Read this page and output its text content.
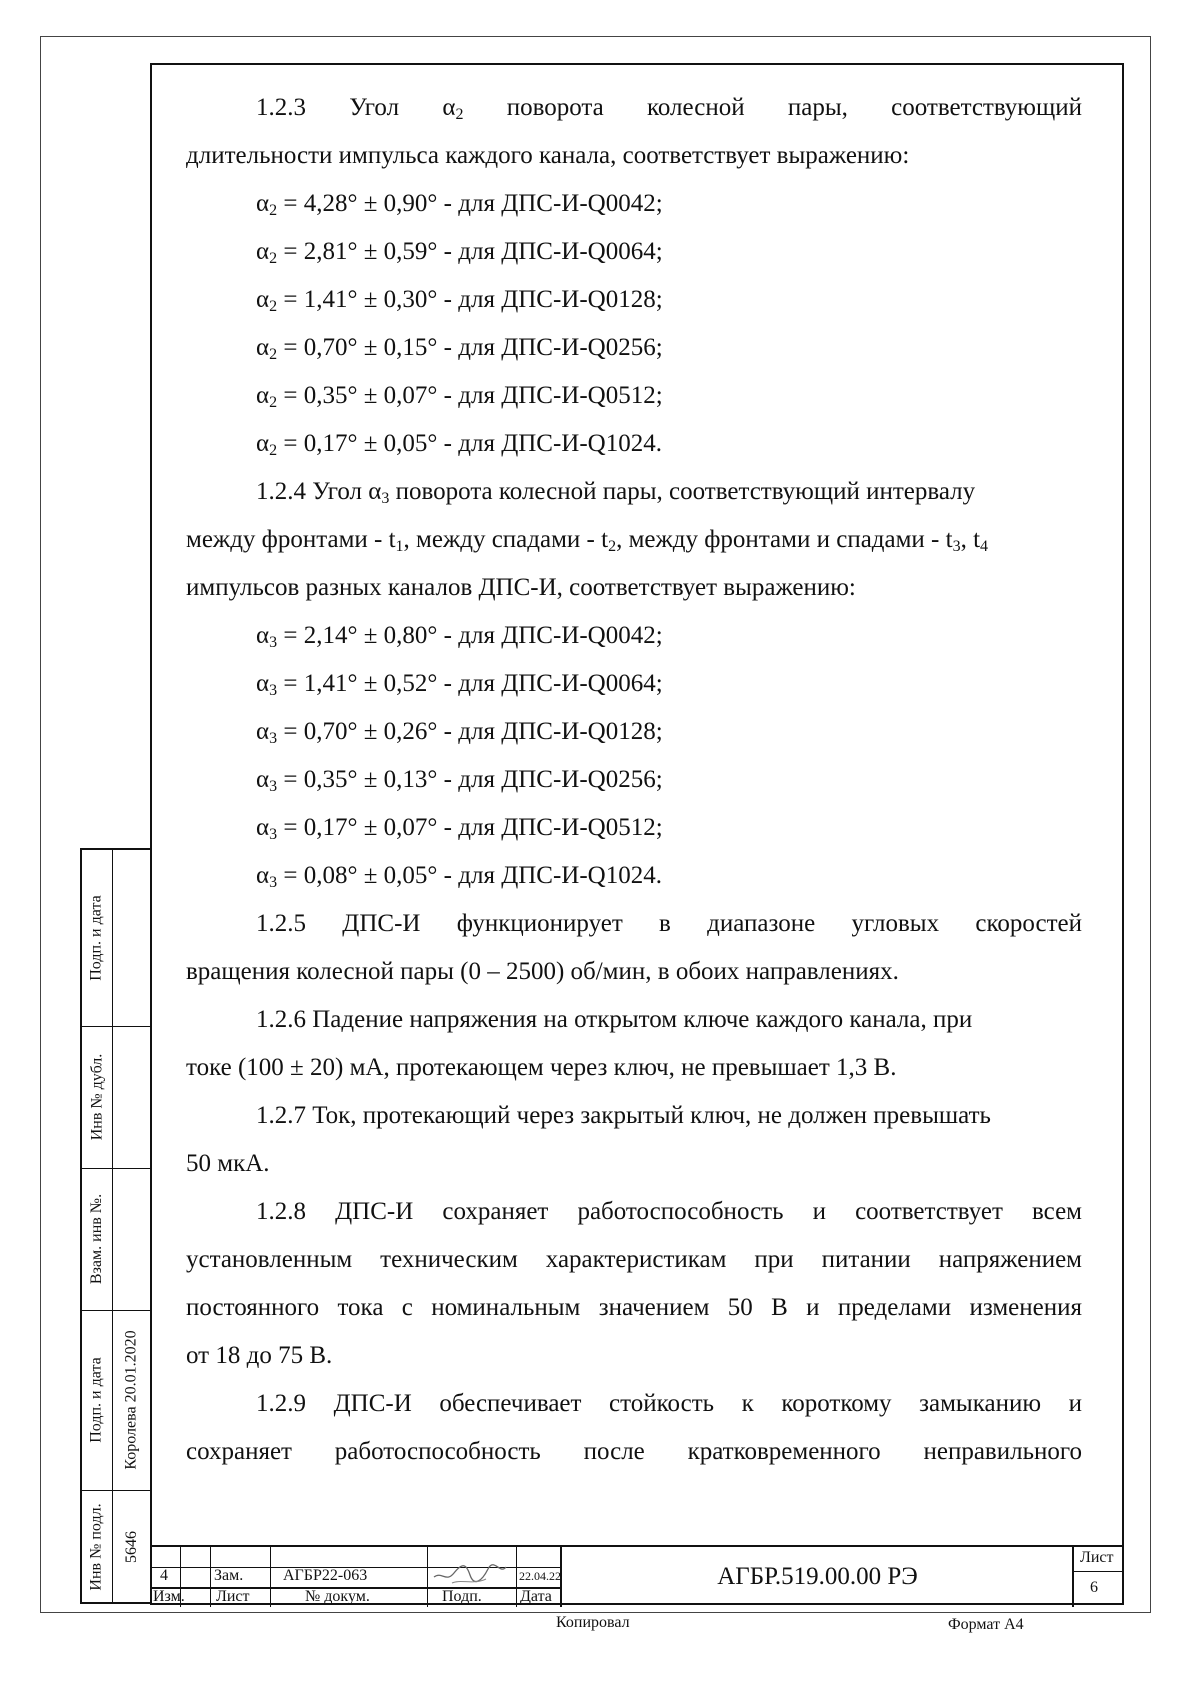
1.2.3 Угол $\alpha_2$ поворота колесной пары, соответствующий
длительности импульса каждого канала, соответствует выражению:
$\alpha_2 = 4,28^\circ \pm 0,90^\circ$ - для ДПС-И-Q0042;
$\alpha_2 = 2,81^\circ \pm 0,59^\circ$ - для ДПС-И-Q0064;
$\alpha_2 = 1,41^\circ \pm 0,30^\circ$ - для ДПС-И-Q0128;
$\alpha_2 = 0,70^\circ \pm 0,15^\circ$ - для ДПС-И-Q0256;
$\alpha_2 = 0,35^\circ \pm 0,07^\circ$ - для ДПС-И-Q0512;
$\alpha_2 = 0,17^\circ \pm 0,05^\circ$ - для ДПС-И-Q1024.
1.2.4 Угол $\alpha_3$ поворота колесной пары, соответствующий интервалу
между фронтами - $t_1$, между спадами - $t_2$, между фронтами и спадами - $t_3$, $t_4$
импульсов разных каналов ДПС-И, соответствует выражению:
$\alpha_3 = 2,14^\circ \pm 0,80^\circ$ - для ДПС-И-Q0042;
$\alpha_3 = 1,41^\circ \pm 0,52^\circ$ - для ДПС-И-Q0064;
$\alpha_3 = 0,70^\circ \pm 0,26^\circ$ - для ДПС-И-Q0128;
$\alpha_3 = 0,35^\circ \pm 0,13^\circ$ - для ДПС-И-Q0256;
$\alpha_3 = 0,17^\circ \pm 0,07^\circ$ - для ДПС-И-Q0512;
$\alpha_3 = 0,08^\circ \pm 0,05^\circ$ - для ДПС-И-Q1024.
1.2.5 ДПС-И функционирует в диапазоне угловых скоростей
вращения колесной пары (0 – 2500) об/мин, в обоих направлениях.
1.2.6 Падение напряжения на открытом ключе каждого канала, при
токе (100 ± 20) мА, протекающем через ключ, не превышает 1,3 В.
1.2.7 Ток, протекающий через закрытый ключ, не должен превышать
50 мкА.
1.2.8 ДПС-И сохраняет работоспособность и соответствует всем
установленным техническим характеристикам при питании напряжением
постоянного тока с номинальным значением 50 В и пределами изменения
от 18 до 75 В.
1.2.9 ДПС-И обеспечивает стойкость к короткому замыканию и
сохраняет работоспособность после кратковременного неправильного
Подп. и дата
Инв № дубл.
Взам. инв №.
Подп. и дата
Инв № подл.
Королева 20.01.2020
5646
4	Зам. АГБР22-063	22.04.22
Изм. Лист	№ докум.	Подп. Дата
АГБР.519.00.00 РЭ
Лист
6
Копировал	Формат А4
